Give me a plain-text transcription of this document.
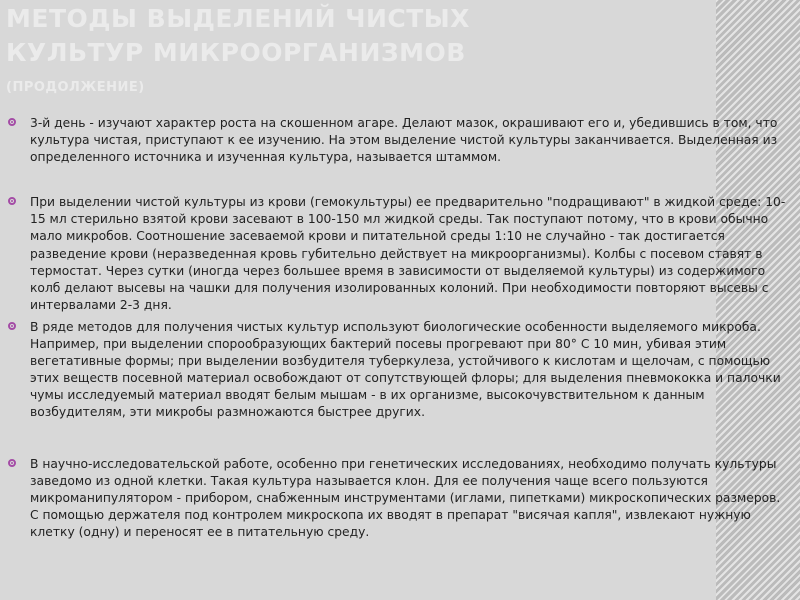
МЕТОДЫ ВЫДЕЛЕНИЙ ЧИСТЫХ
КУЛЬТУР МИКРООРГАНИЗМОВ
(ПРОДОЛЖЕНИЕ)
3-й день - изучают характер роста на скошенном агаре. Делают мазок, окрашивают его и, убедившись в том, что культура чистая, приступают к ее изучению. На этом выделение чистой культуры заканчивается. Выделенная из определенного источника и изученная культура, называется штаммом.
При выделении чистой культуры из крови (гемокультуры) ее предварительно "подращивают" в жидкой среде: 10-15 мл стерильно взятой крови засевают в 100-150 мл жидкой среды. Так поступают потому, что в крови обычно мало микробов. Соотношение засеваемой крови и питательной среды 1:10 не случайно - так достигается разведение крови (неразведенная кровь губительно действует на микроорганизмы). Колбы с посевом ставят в термостат. Через сутки (иногда через большее время в зависимости от выделяемой культуры) из содержимого колб делают высевы на чашки для получения изолированных колоний. При необходимости повторяют высевы с интервалами 2-3 дня.
В ряде методов для получения чистых культур используют биологические особенности выделяемого микроба. Например, при выделении спорообразующих бактерий посевы прогревают при 80° С 10 мин, убивая этим вегетативные формы; при выделении возбудителя туберкулеза, устойчивого к кислотам и щелочам, с помощью этих веществ посевной материал освобождают от сопутствующей флоры; для выделения пневмококка и палочки чумы исследуемый материал вводят белым мышам - в их организме, высокочувствительном к данным возбудителям, эти микробы размножаются быстрее других.
В научно-исследовательской работе, особенно при генетических исследованиях, необходимо получать культуры заведомо из одной клетки. Такая культура называется клон. Для ее получения чаще всего пользуются микроманипулятором - прибором, снабженным инструментами (иглами, пипетками) микроскопических размеров. С помощью держателя под контролем микроскопа их вводят в препарат "висячая капля", извлекают нужную клетку (одну) и переносят ее в питательную среду.
